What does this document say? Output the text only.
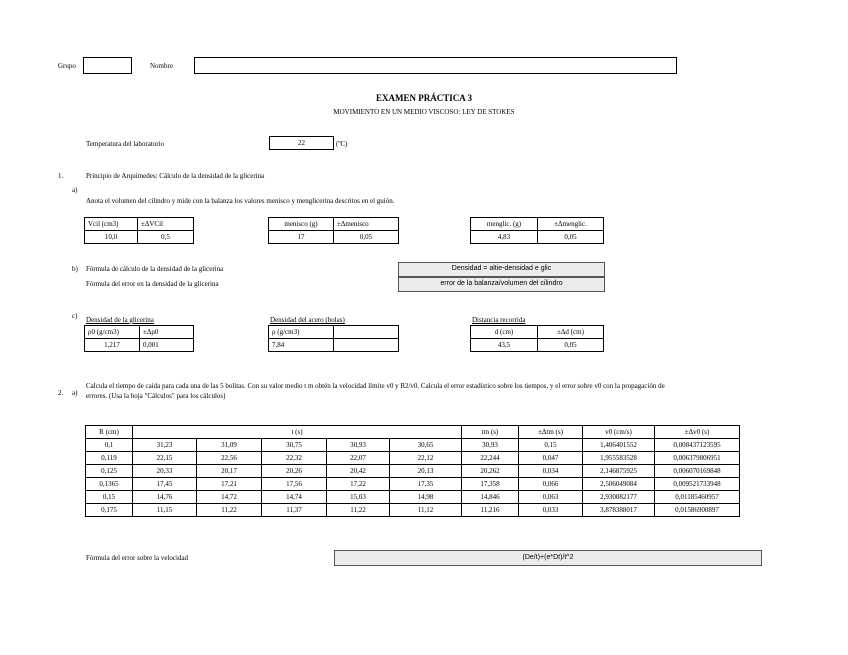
Grupo	Nombre
EXAMEN PRÁCTICA 3
MOVIMIENTO EN UN MEDIO VISCOSO: LEY DE STOKES
Temperatura del laboratorio	22	(ºC)
1.	Principio de Arquímedes: Cálculo de la densidad de la glicerina
a)
Anota el volumen del cilindro y mide con la balanza los valores menisco y menglicerina descritos en el guión.
Vcil (cm3)	±ΔVCil
10,0	0,5
menisco (g)	±Δmenisco
17	0,05
menglic. (g)	±Δmenglic.
4,83	0,05
b) Fórmula de cálculo de la densidad de la glicerina
Fórmula del error en la densidad de la glicerina
Densidad = altie-densidad e glic
error de la balanza/volumen del cilindro
c) Densidad de la glicerina	Densidad del acero (bolas)	Distancia recorrida
ρ0 (g/cm3)	±Δρ0
1,217	0,001
ρ (g/cm3)	
7,84	
d (cm)	±Δd (cm)
43,5	0,05
2. a)
Calcula el tiempo de caída para cada una de las 5 bolitas. Con su valor medio t m obtén la velocidad límite v0 y R2/v0. Calcula el error estadístico sobre los tiempos, y el error sobre v0 con la propagación de
errores. (Usa la hoja "Cálculos" para los cálculos)
R (cm)	t (s)					tm (s)	±Δtm (s)	v0 (cm/s)	±Δv0 (s)
0,1	31,23	31,09	30,75	30,93	30,65	30,93	0,15	1,406401552	0,008437123595
0,119	22,15	22,56	22,32	22,07	22,12	22,244	0,047	1,955583528	0,006379806951
0,125	20,33	20,17	20,26	20,42	20,13	20,262	0,034	2,146875925	0,006070169848
0,1365	17,45	17,21	17,56	17,22	17,35	17,358	0,066	2,506049084	0,009521733948
0,15	14,76	14,72	14,74	15,03	14,98	14,846	0,063	2,930082177	0,01185460957
0,175	11,15	11,22	11,37	11,22	11,12	11,216	0,033	3,878388017	0,01586900897
Fórmula del error sobre la velocidad	(De/t)+(e*Dt)/t^2
